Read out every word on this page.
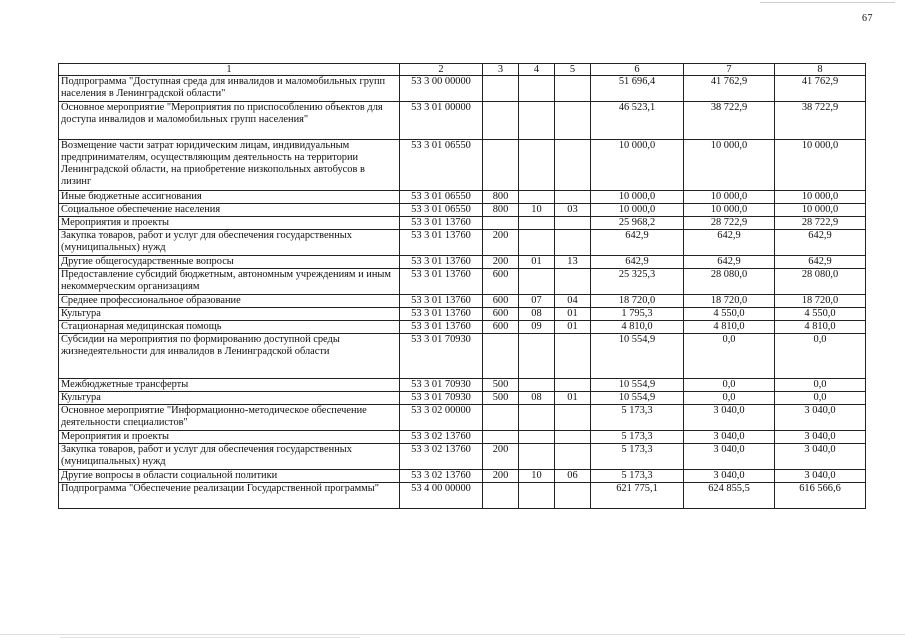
67
1	2	3	4	5	6	7	8
Подпрограмма "Доступная среда для инвалидов и маломобильных групп населения в Ленинградской области"	53 3 00 00000				51 696,4	41 762,9	41 762,9
Основное мероприятие "Мероприятия по приспособлению объектов для доступа инвалидов и маломобильных групп населения"	53 3 01 00000				46 523,1	38 722,9	38 722,9
Возмещение части затрат юридическим лицам, индивидуальным предпринимателям, осуществляющим деятельность на территории Ленинградской области, на приобретение низкопольных автобусов в лизинг	53 3 01 06550				10 000,0	10 000,0	10 000,0
Иные бюджетные ассигнования	53 3 01 06550	800			10 000,0	10 000,0	10 000,0
Социальное обеспечение населения	53 3 01 06550	800	10	03	10 000,0	10 000,0	10 000,0
Мероприятия и проекты	53 3 01 13760				25 968,2	28 722,9	28 722,9
Закупка товаров, работ и услуг для обеспечения государственных (муниципальных) нужд	53 3 01 13760	200			642,9	642,9	642,9
Другие общегосударственные вопросы	53 3 01 13760	200	01	13	642,9	642,9	642,9
Предоставление субсидий бюджетным, автономным учреждениям и иным некоммерческим организациям	53 3 01 13760	600			25 325,3	28 080,0	28 080,0
Среднее профессиональное образование	53 3 01 13760	600	07	04	18 720,0	18 720,0	18 720,0
Культура	53 3 01 13760	600	08	01	1 795,3	4 550,0	4 550,0
Стационарная медицинская помощь	53 3 01 13760	600	09	01	4 810,0	4 810,0	4 810,0
Субсидии на мероприятия по формированию доступной среды жизнедеятельности для инвалидов в Ленинградской области	53 3 01 70930				10 554,9	0,0	0,0
Межбюджетные трансферты	53 3 01 70930	500			10 554,9	0,0	0,0
Культура	53 3 01 70930	500	08	01	10 554,9	0,0	0,0
Основное мероприятие "Информационно-методическое обеспечение деятельности специалистов"	53 3 02 00000				5 173,3	3 040,0	3 040,0
Мероприятия и проекты	53 3 02 13760				5 173,3	3 040,0	3 040,0
Закупка товаров, работ и услуг для обеспечения государственных (муниципальных) нужд	53 3 02 13760	200			5 173,3	3 040,0	3 040,0
Другие вопросы в области социальной политики	53 3 02 13760	200	10	06	5 173,3	3 040,0	3 040,0
Подпрограмма "Обеспечение реализации Государственной программы"	53 4 00 00000				621 775,1	624 855,5	616 566,6
